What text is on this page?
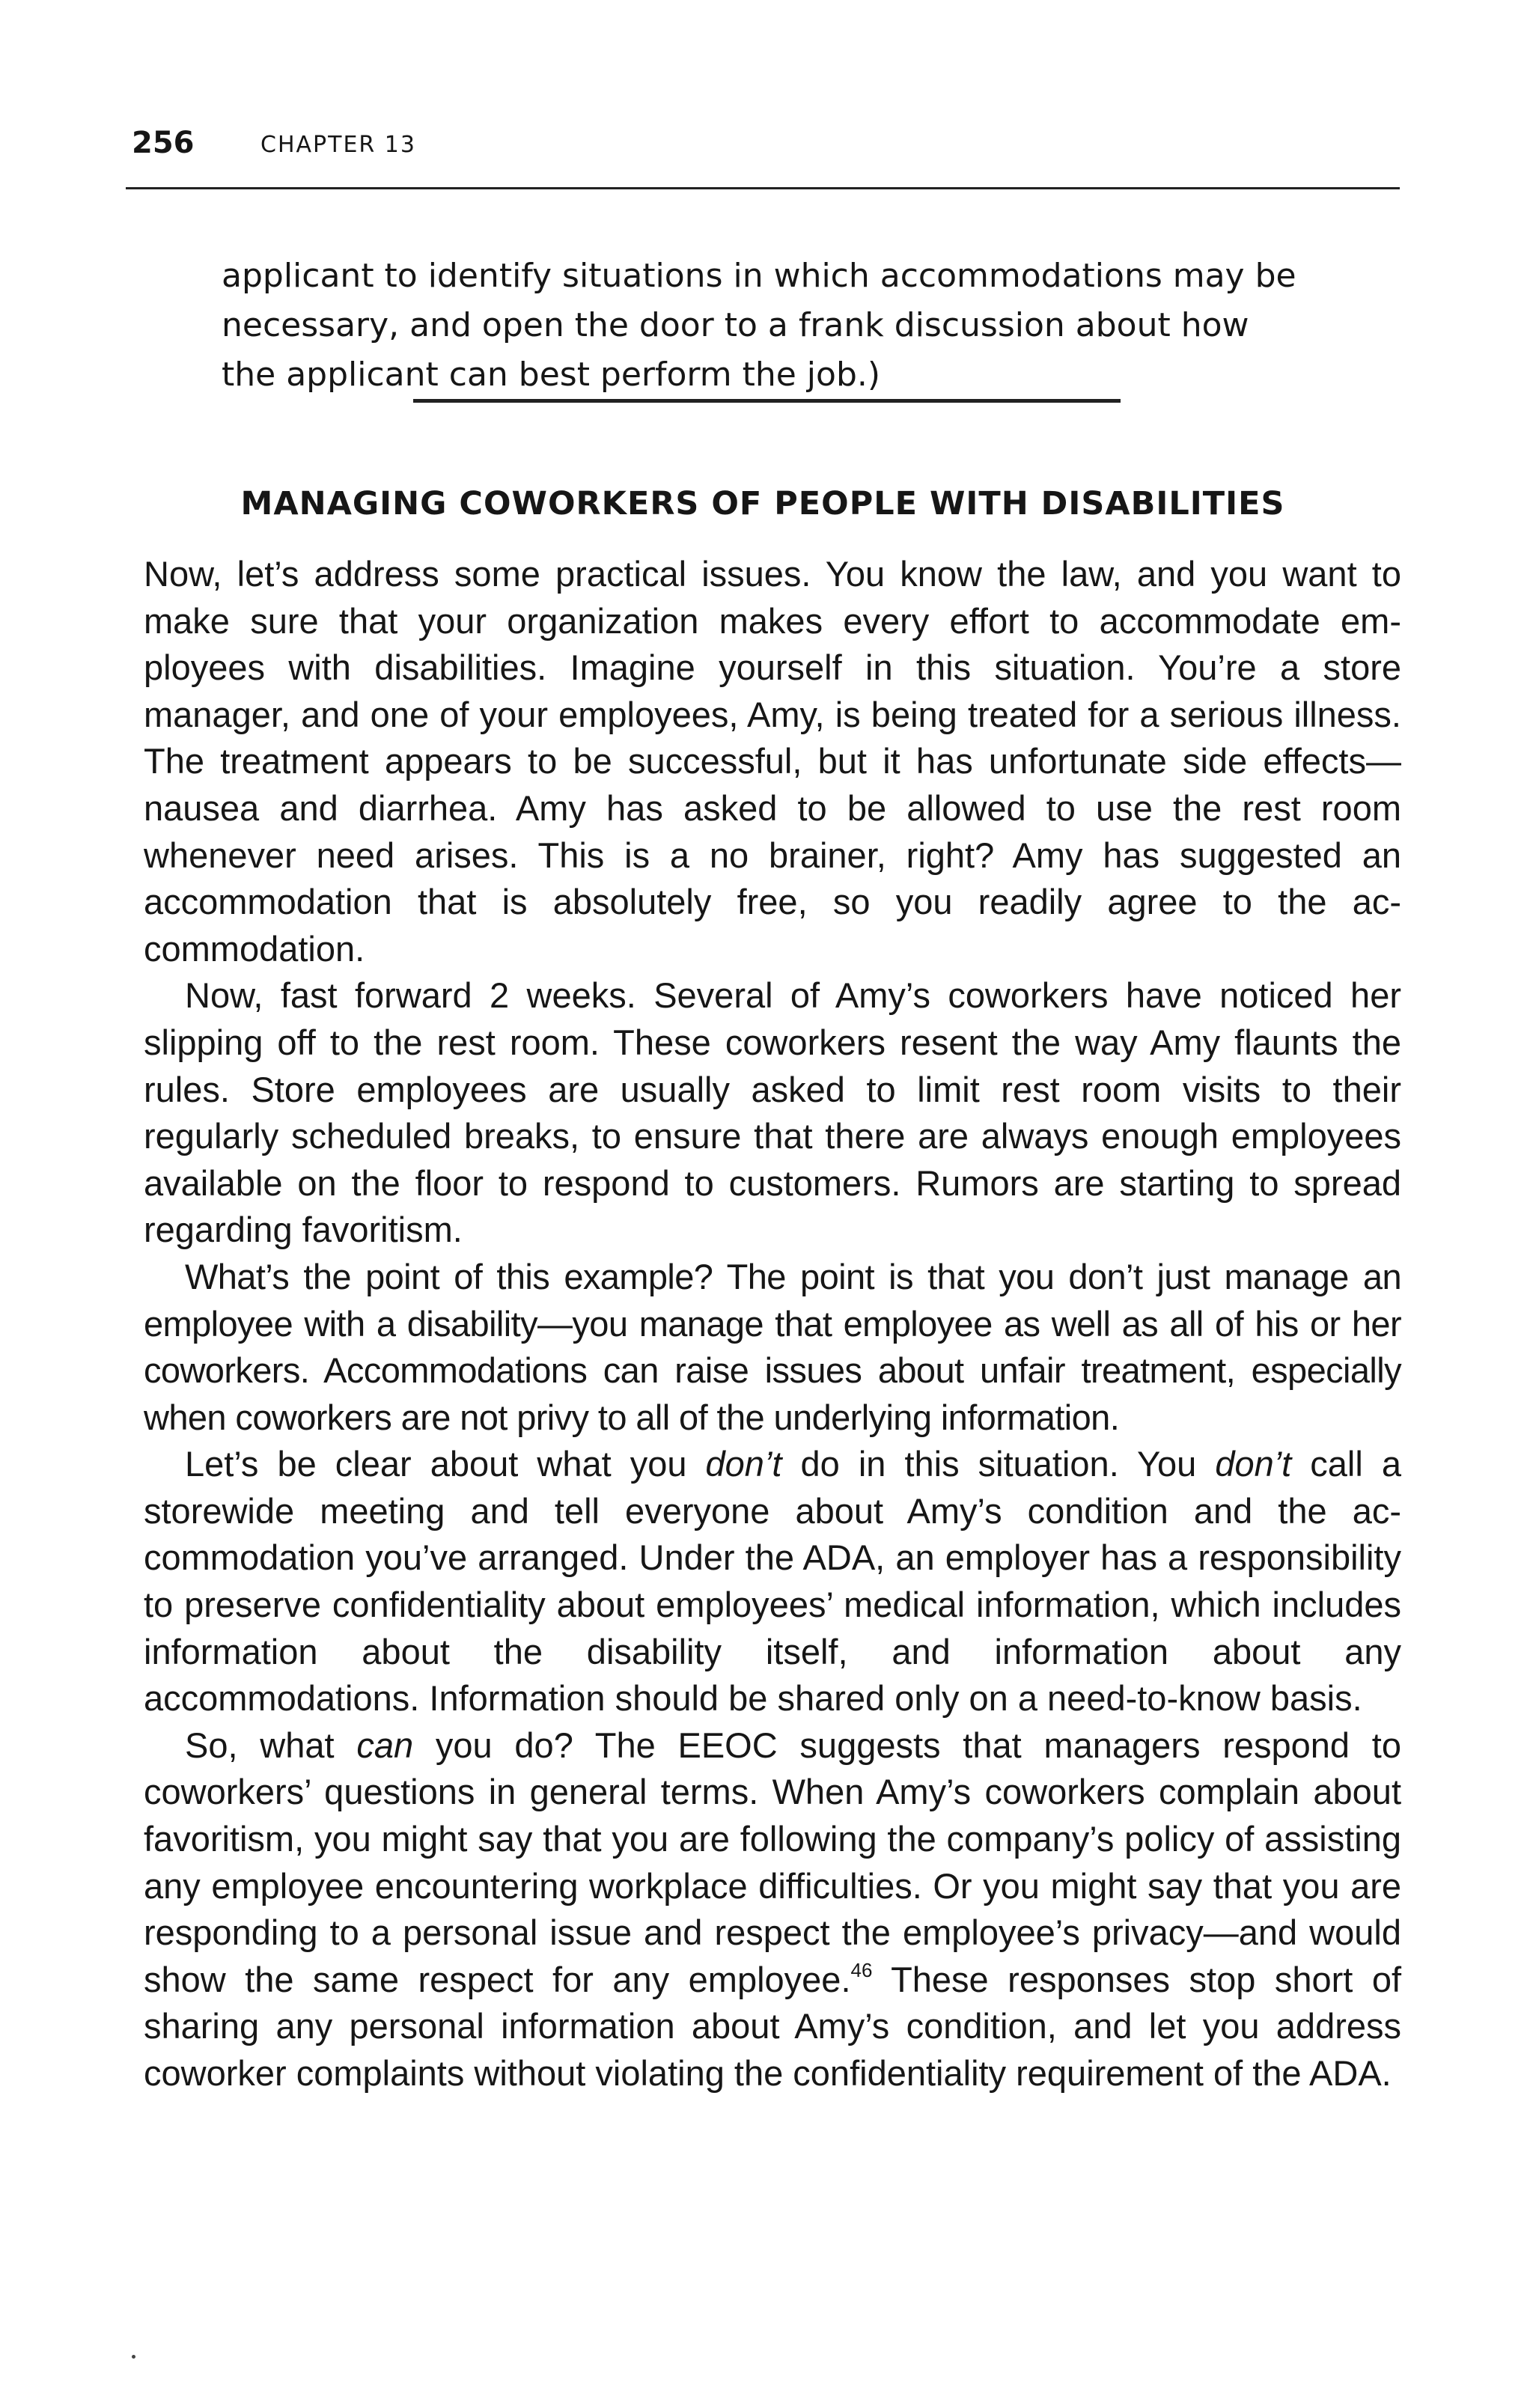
256	CHAPTER 13

applicant to identify situations in which accommodations may be necessary, and open the door to a frank discussion about how the applicant can best perform the job.)

MANAGING COWORKERS OF PEOPLE WITH DISABILITIES

Now, let’s address some practical issues. You know the law, and you want to make sure that your organization makes every effort to accommodate employees with disabilities. Imagine yourself in this situation. You’re a store manager, and one of your employees, Amy, is being treated for a serious illness. The treatment appears to be successful, but it has unfortunate side effects—nausea and diarrhea. Amy has asked to be allowed to use the rest room whenever need arises. This is a no brainer, right? Amy has suggested an accommodation that is absolutely free, so you readily agree to the accommodation.

Now, fast forward 2 weeks. Several of Amy’s coworkers have noticed her slipping off to the rest room. These coworkers resent the way Amy flaunts the rules. Store employees are usually asked to limit rest room visits to their regularly scheduled breaks, to ensure that there are always enough employees available on the floor to respond to customers. Rumors are starting to spread regarding favoritism.

What’s the point of this example? The point is that you don’t just manage an employee with a disability—you manage that employee as well as all of his or her coworkers. Accommodations can raise issues about unfair treatment, especially when coworkers are not privy to all of the underlying information.

Let’s be clear about what you don’t do in this situation. You don’t call a storewide meeting and tell everyone about Amy’s condition and the accommodation you’ve arranged. Under the ADA, an employer has a responsibility to preserve confidentiality about employees’ medical information, which includes information about the disability itself, and information about any accommodations. Information should be shared only on a need-to-know basis.

So, what can you do? The EEOC suggests that managers respond to coworkers’ questions in general terms. When Amy’s coworkers complain about favoritism, you might say that you are following the company’s policy of assisting any employee encountering workplace difficulties. Or you might say that you are responding to a personal issue and respect the employee’s privacy—and would show the same respect for any employee.$^{46}$ These responses stop short of sharing any personal information about Amy’s condition, and let you address coworker complaints without violating the confidentiality requirement of the ADA.
